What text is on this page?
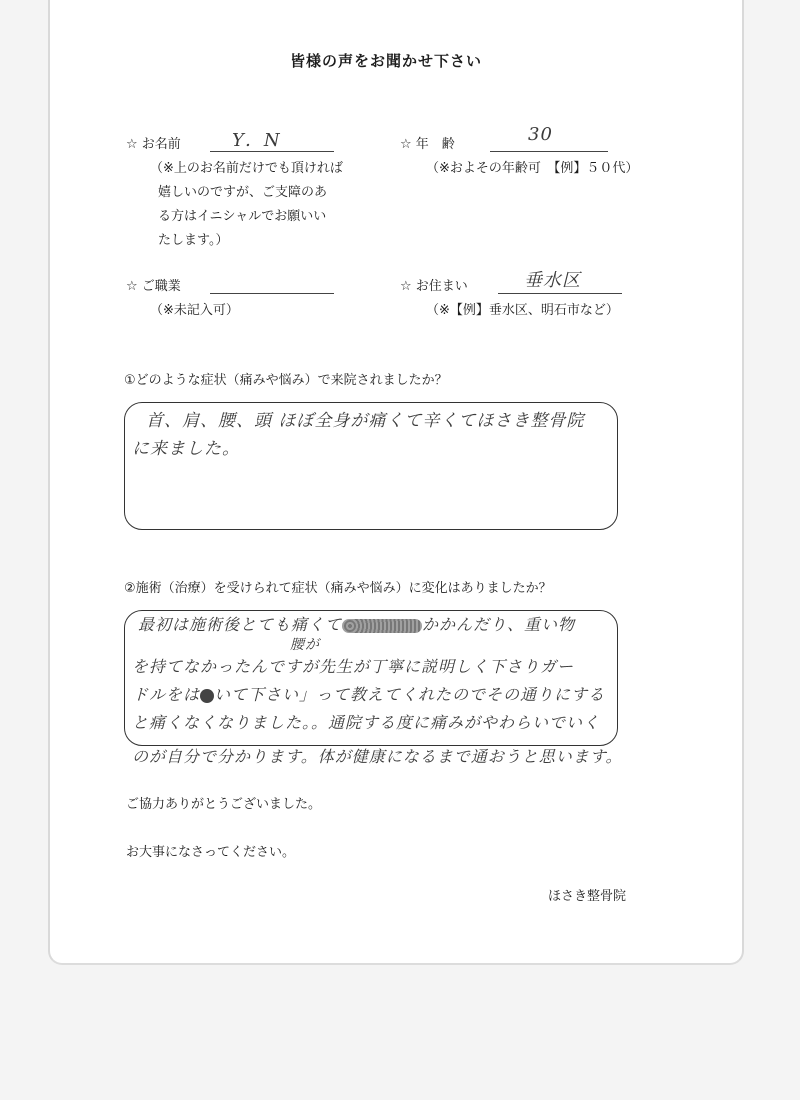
皆様の声をお聞かせ下さい
☆ お名前	Y．N
（※上のお名前だけでも頂ければ
嬉しいのですが、ご支障のあ
る方はイニシャルでお願いい
たします。）
☆ 年　齢	30
（※およその年齢可　【例】５０代）
☆ ご職業
（※未記入可）
☆ お住まい	垂水区
（※【例】垂水区、明石市など）
①どのような症状（痛みや悩み）で来院されましたか？
首、肩、腰、頭 ほぼ全身が痛くて辛くてほさき整骨院
に来ました。
②施術（治療）を受けられて症状（痛みや悩み）に変化はありましたか？
最初は施術後とても痛くて	かかんだり、重い物
腰が
を持てなかったんですが先生が丁寧に説明しく下さりガー
ドルをは いて下さい」って教えてくれたのでその通りにする
と痛くなくなりました。。通院する度に痛みがやわらいでいく
のが自分で分かります。体が健康になるまで通おうと思います。
ご協力ありがとうございました。
お大事になさってください。
ほさき整骨院
